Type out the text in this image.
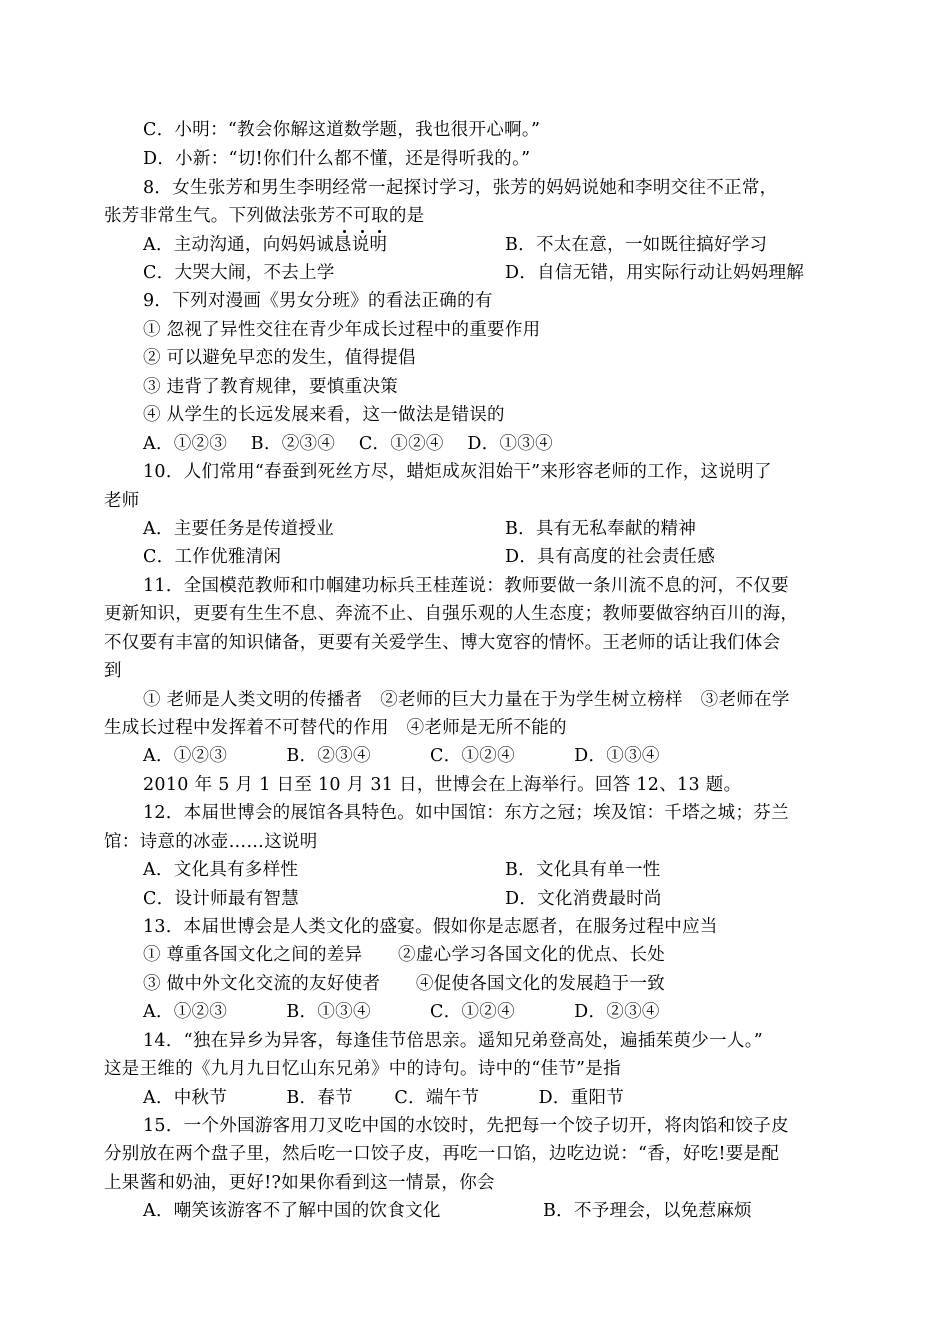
C．小明：“教会你解这道数学题，我也很开心啊。”
D．小新：“切!你们什么都不懂，还是得听我的。”
8．女生张芳和男生李明经常一起探讨学习，张芳的妈妈说她和李明交往不正常，
张芳非常生气。下列做法张芳不可取的是
A．主动沟通，向妈妈诚恳说明	B．不太在意，一如既往搞好学习
C．大哭大闹，不去上学	D．自信无错，用实际行动让妈妈理解
9．下列对漫画《男女分班》的看法正确的有
① 忽视了异性交往在青少年成长过程中的重要作用
② 可以避免早恋的发生，值得提倡
③ 违背了教育规律，要慎重决策
④ 从学生的长远发展来看，这一做法是错误的
A．①②③　 B．②③④　 C．①②④　 D．①③④
10．人们常用“春蚕到死丝方尽，蜡炬成灰泪始干”来形容老师的工作，这说明了
老师
A．主要任务是传道授业	B．具有无私奉献的精神
C．工作优雅清闲	D．具有高度的社会责任感
11．全国模范教师和巾帼建功标兵王桂莲说：教师要做一条川流不息的河，不仅要
更新知识，更要有生生不息、奔流不止、自强乐观的人生态度；教师要做容纳百川的海，
不仅要有丰富的知识储备，更要有关爱学生、博大宽容的情怀。王老师的话让我们体会
到
① 老师是人类文明的传播者　②老师的巨大力量在于为学生树立榜样　③老师在学
生成长过程中发挥着不可替代的作用　④老师是无所不能的
A．①②③　　　 B．②③④　　　 C．①②④　　　 D．①③④
2010 年 5 月 1 日至 10 月 31 日，世博会在上海举行。回答 12、13 题。
12．本届世博会的展馆各具特色。如中国馆：东方之冠；埃及馆：千塔之城；芬兰
馆：诗意的冰壶……这说明
A．文化具有多样性	B．文化具有单一性
C．设计师最有智慧	D．文化消费最时尚
13．本届世博会是人类文化的盛宴。假如你是志愿者，在服务过程中应当
① 尊重各国文化之间的差异　　②虚心学习各国文化的优点、长处
③ 做中外文化交流的友好使者　　④促使各国文化的发展趋于一致
A．①②③　　　 B．①③④　　　 C．①②④　　　 D．②③④
14．“独在异乡为异客，每逢佳节倍思亲。遥知兄弟登高处，遍插茱萸少一人。”
这是王维的《九月九日忆山东兄弟》中的诗句。诗中的“佳节”是指
A．中秋节　　　 B．春节　　 C．端午节　　　 D．重阳节
15．一个外国游客用刀叉吃中国的水饺时，先把每一个饺子切开，将肉馅和饺子皮
分别放在两个盘子里，然后吃一口饺子皮，再吃一口馅，边吃边说：“香，好吃!要是配
上果酱和奶油，更好!?如果你看到这一情景，你会
A．嘲笑该游客不了解中国的饮食文化	B．不予理会，以免惹麻烦
